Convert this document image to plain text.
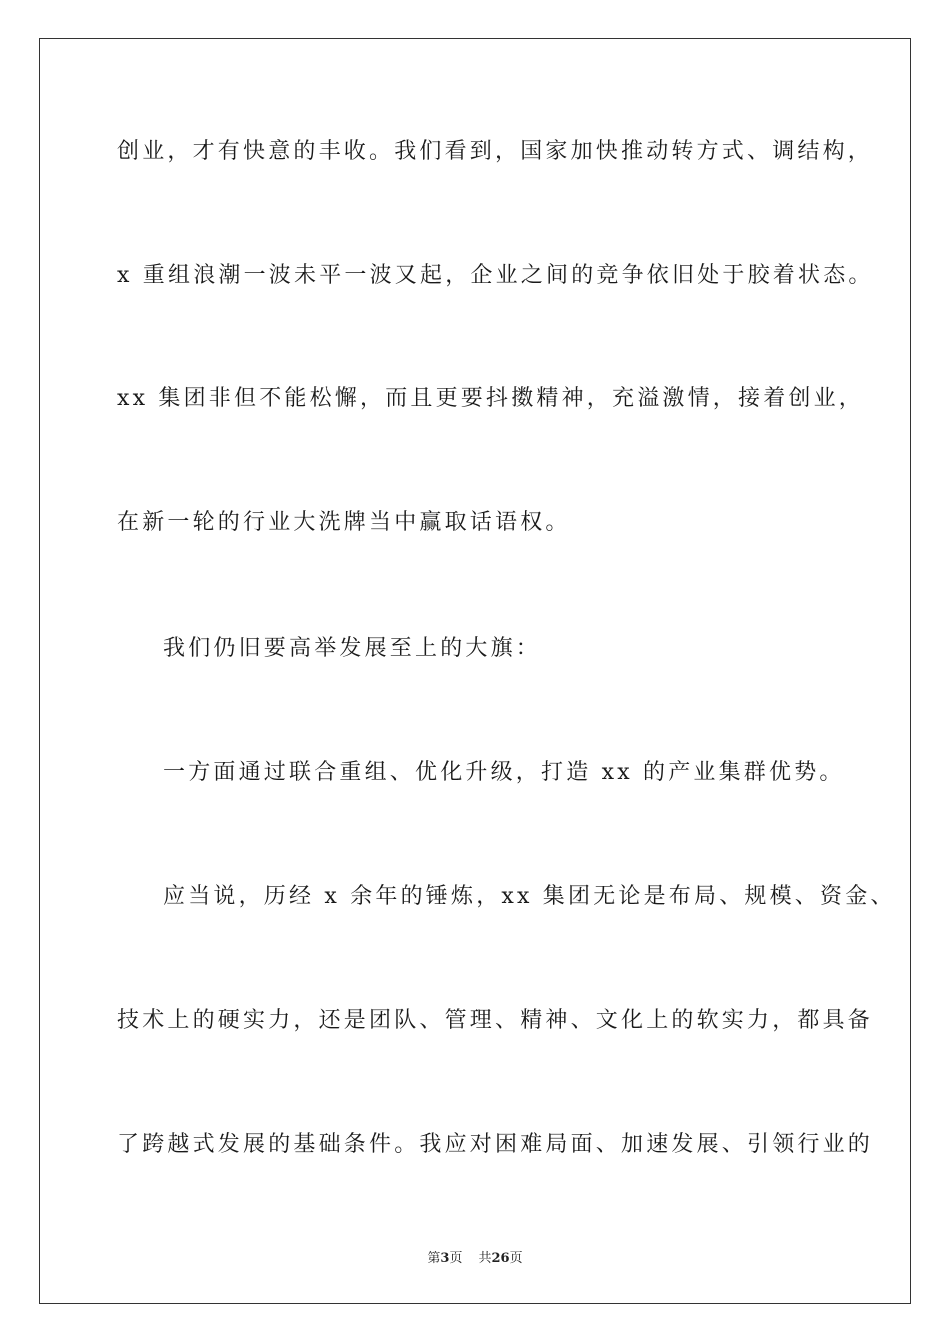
创业，才有快意的丰收。我们看到，国家加快推动转方式、调结构，
x 重组浪潮一波未平一波又起，企业之间的竞争依旧处于胶着状态。
xx 集团非但不能松懈，而且更要抖擞精神，充溢激情，接着创业，
在新一轮的行业大洗牌当中赢取话语权。
我们仍旧要高举发展至上的大旗：
一方面通过联合重组、优化升级，打造 xx 的产业集群优势。
应当说，历经 x 余年的锤炼，xx 集团无论是布局、规模、资金、
技术上的硬实力，还是团队、管理、精神、文化上的软实力，都具备
了跨越式发展的基础条件。我应对困难局面、加速发展、引领行业的
第3页 共26页
